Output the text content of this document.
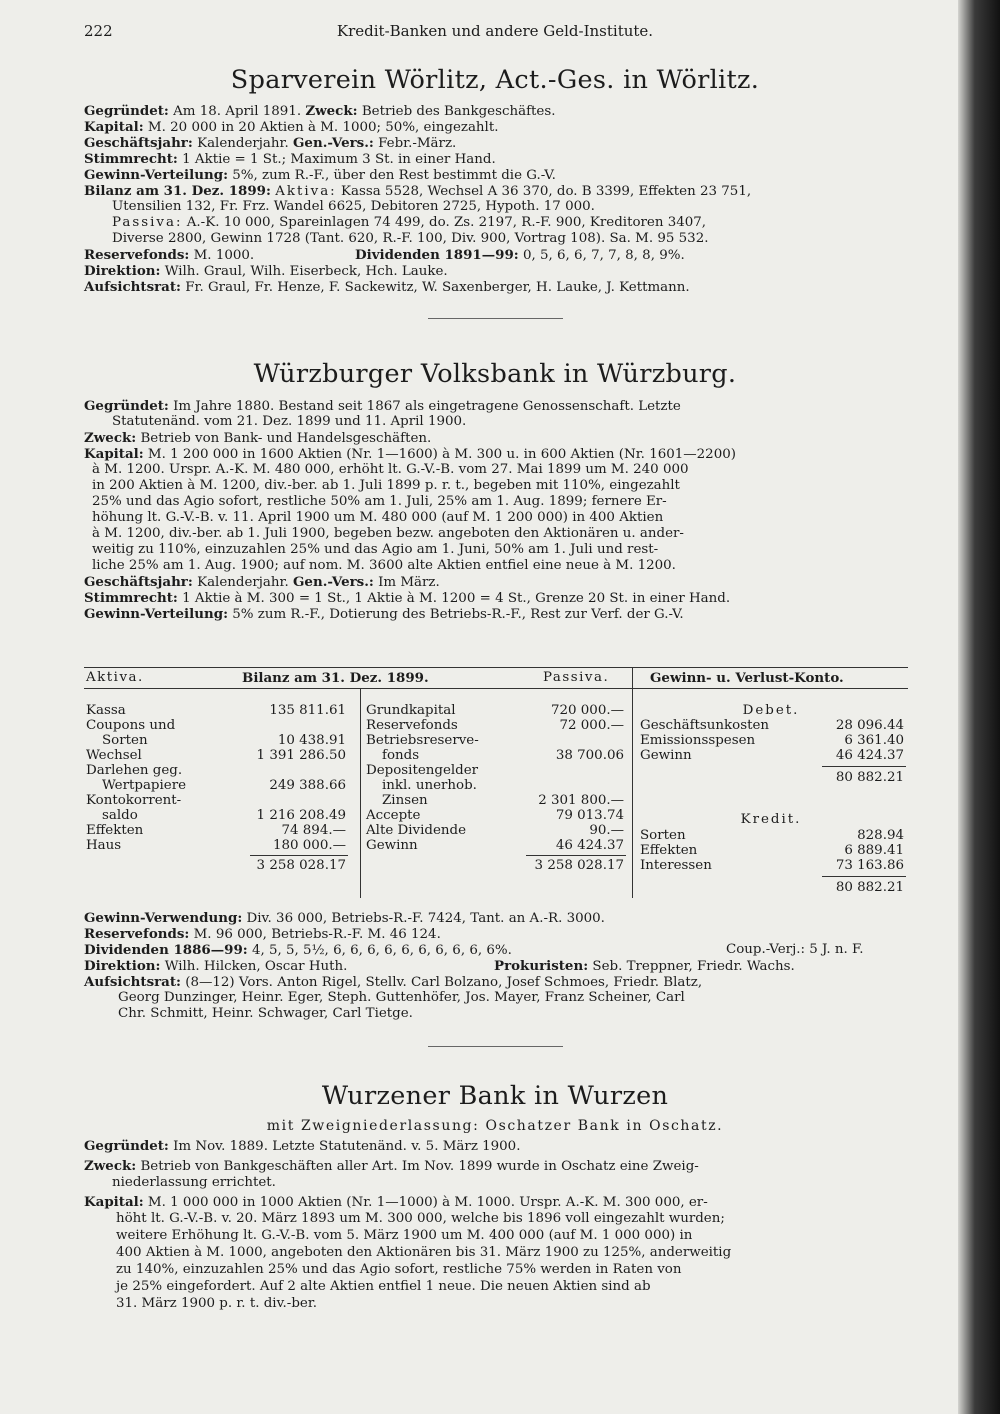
222	Kredit-Banken und andere Geld-Institute.
Sparverein Wörlitz, Act.-Ges. in Wörlitz.
Gegründet: Am 18. April 1891. Zweck: Betrieb des Bankgeschäftes.
Kapital: M. 20 000 in 20 Aktien à M. 1000; 50%, eingezahlt.
Geschäftsjahr: Kalenderjahr. Gen.-Vers.: Febr.-März.
Stimmrecht: 1 Aktie = 1 St.; Maximum 3 St. in einer Hand.
Gewinn-Verteilung: 5%, zum R.-F., über den Rest bestimmt die G.-V.
Bilanz am 31. Dez. 1899: Aktiva: Kassa 5528, Wechsel A 36 370, do. B 3399, Effekten 23 751,
Utensilien 132, Fr. Frz. Wandel 6625, Debitoren 2725, Hypoth. 17 000.
Passiva: A.-K. 10 000, Spareinlagen 74 499, do. Zs. 2197, R.-F. 900, Kreditoren 3407,
Diverse 2800, Gewinn 1728 (Tant. 620, R.-F. 100, Div. 900, Vortrag 108). Sa. M. 95 532.
Reservefonds: M. 1000.	Dividenden 1891—99: 0, 5, 6, 6, 7, 7, 8, 8, 9%.
Direktion: Wilh. Graul, Wilh. Eiserbeck, Hch. Lauke.
Aufsichtsrat: Fr. Graul, Fr. Henze, F. Sackewitz, W. Saxenberger, H. Lauke, J. Kettmann.
Würzburger Volksbank in Würzburg.
Gegründet: Im Jahre 1880. Bestand seit 1867 als eingetragene Genossenschaft. Letzte
Statutenänd. vom 21. Dez. 1899 und 11. April 1900.
Zweck: Betrieb von Bank- und Handelsgeschäften.
Kapital: M. 1 200 000 in 1600 Aktien (Nr. 1—1600) à M. 300 u. in 600 Aktien (Nr. 1601—2200)
à M. 1200. Urspr. A.-K. M. 480 000, erhöht lt. G.-V.-B. vom 27. Mai 1899 um M. 240 000
in 200 Aktien à M. 1200, div.-ber. ab 1. Juli 1899 p. r. t., begeben mit 110%, eingezahlt
25% und das Agio sofort, restliche 50% am 1. Juli, 25% am 1. Aug. 1899; fernere Er-
höhung lt. G.-V.-B. v. 11. April 1900 um M. 480 000 (auf M. 1 200 000) in 400 Aktien
à M. 1200, div.-ber. ab 1. Juli 1900, begeben bezw. angeboten den Aktionären u. ander-
weitig zu 110%, einzuzahlen 25% und das Agio am 1. Juni, 50% am 1. Juli und rest-
liche 25% am 1. Aug. 1900; auf nom. M. 3600 alte Aktien entfiel eine neue à M. 1200.
Geschäftsjahr: Kalenderjahr. Gen.-Vers.: Im März.
Stimmrecht: 1 Aktie à M. 300 = 1 St., 1 Aktie à M. 1200 = 4 St., Grenze 20 St. in einer Hand.
Gewinn-Verteilung: 5% zum R.-F., Dotierung des Betriebs-R.-F., Rest zur Verf. der G.-V.
Aktiva.	Bilanz am 31. Dez. 1899.	Passiva.	Gewinn- u. Verlust-Konto.
Kassa	135 811.61
Coupons und
Sorten	10 438.91
Wechsel	1 391 286.50
Darlehen geg.
Wertpapiere	249 388.66
Kontokorrent-
saldo	1 216 208.49
Effekten	74 894.—
Haus	180 000.—
3 258 028.17
Grundkapital	720 000.—
Reservefonds	72 000.—
Betriebsreserve-
fonds	38 700.06
Depositengelder
inkl. unerhob.
Zinsen	2 301 800.—
Accepte	79 013.74
Alte Dividende	90.—
Gewinn	46 424.37
3 258 028.17
Debet.
Geschäftsunkosten	28 096.44
Emissionsspesen	6 361.40
Gewinn	46 424.37
80 882.21
Kredit.
Sorten	828.94
Effekten	6 889.41
Interessen	73 163.86
80 882.21
Gewinn-Verwendung: Div. 36 000, Betriebs-R.-F. 7424, Tant. an A.-R. 3000.
Reservefonds: M. 96 000, Betriebs-R.-F. M. 46 124.
Dividenden 1886—99: 4, 5, 5, 5½, 6, 6, 6, 6, 6, 6, 6, 6, 6, 6%.	Coup.-Verj.: 5 J. n. F.
Direktion: Wilh. Hilcken, Oscar Huth.	Prokuristen: Seb. Treppner, Friedr. Wachs.
Aufsichtsrat: (8—12) Vors. Anton Rigel, Stellv. Carl Bolzano, Josef Schmoes, Friedr. Blatz,
Georg Dunzinger, Heinr. Eger, Steph. Guttenhöfer, Jos. Mayer, Franz Scheiner, Carl
Chr. Schmitt, Heinr. Schwager, Carl Tietge.
Wurzener Bank in Wurzen
mit Zweigniederlassung: Oschatzer Bank in Oschatz.
Gegründet: Im Nov. 1889. Letzte Statutenänd. v. 5. März 1900.
Zweck: Betrieb von Bankgeschäften aller Art. Im Nov. 1899 wurde in Oschatz eine Zweig-
niederlassung errichtet.
Kapital: M. 1 000 000 in 1000 Aktien (Nr. 1—1000) à M. 1000. Urspr. A.-K. M. 300 000, er-
höht lt. G.-V.-B. v. 20. März 1893 um M. 300 000, welche bis 1896 voll eingezahlt wurden;
weitere Erhöhung lt. G.-V.-B. vom 5. März 1900 um M. 400 000 (auf M. 1 000 000) in
400 Aktien à M. 1000, angeboten den Aktionären bis 31. März 1900 zu 125%, anderweitig
zu 140%, einzuzahlen 25% und das Agio sofort, restliche 75% werden in Raten von
je 25% eingefordert. Auf 2 alte Aktien entfiel 1 neue. Die neuen Aktien sind ab
31. März 1900 p. r. t. div.-ber.
